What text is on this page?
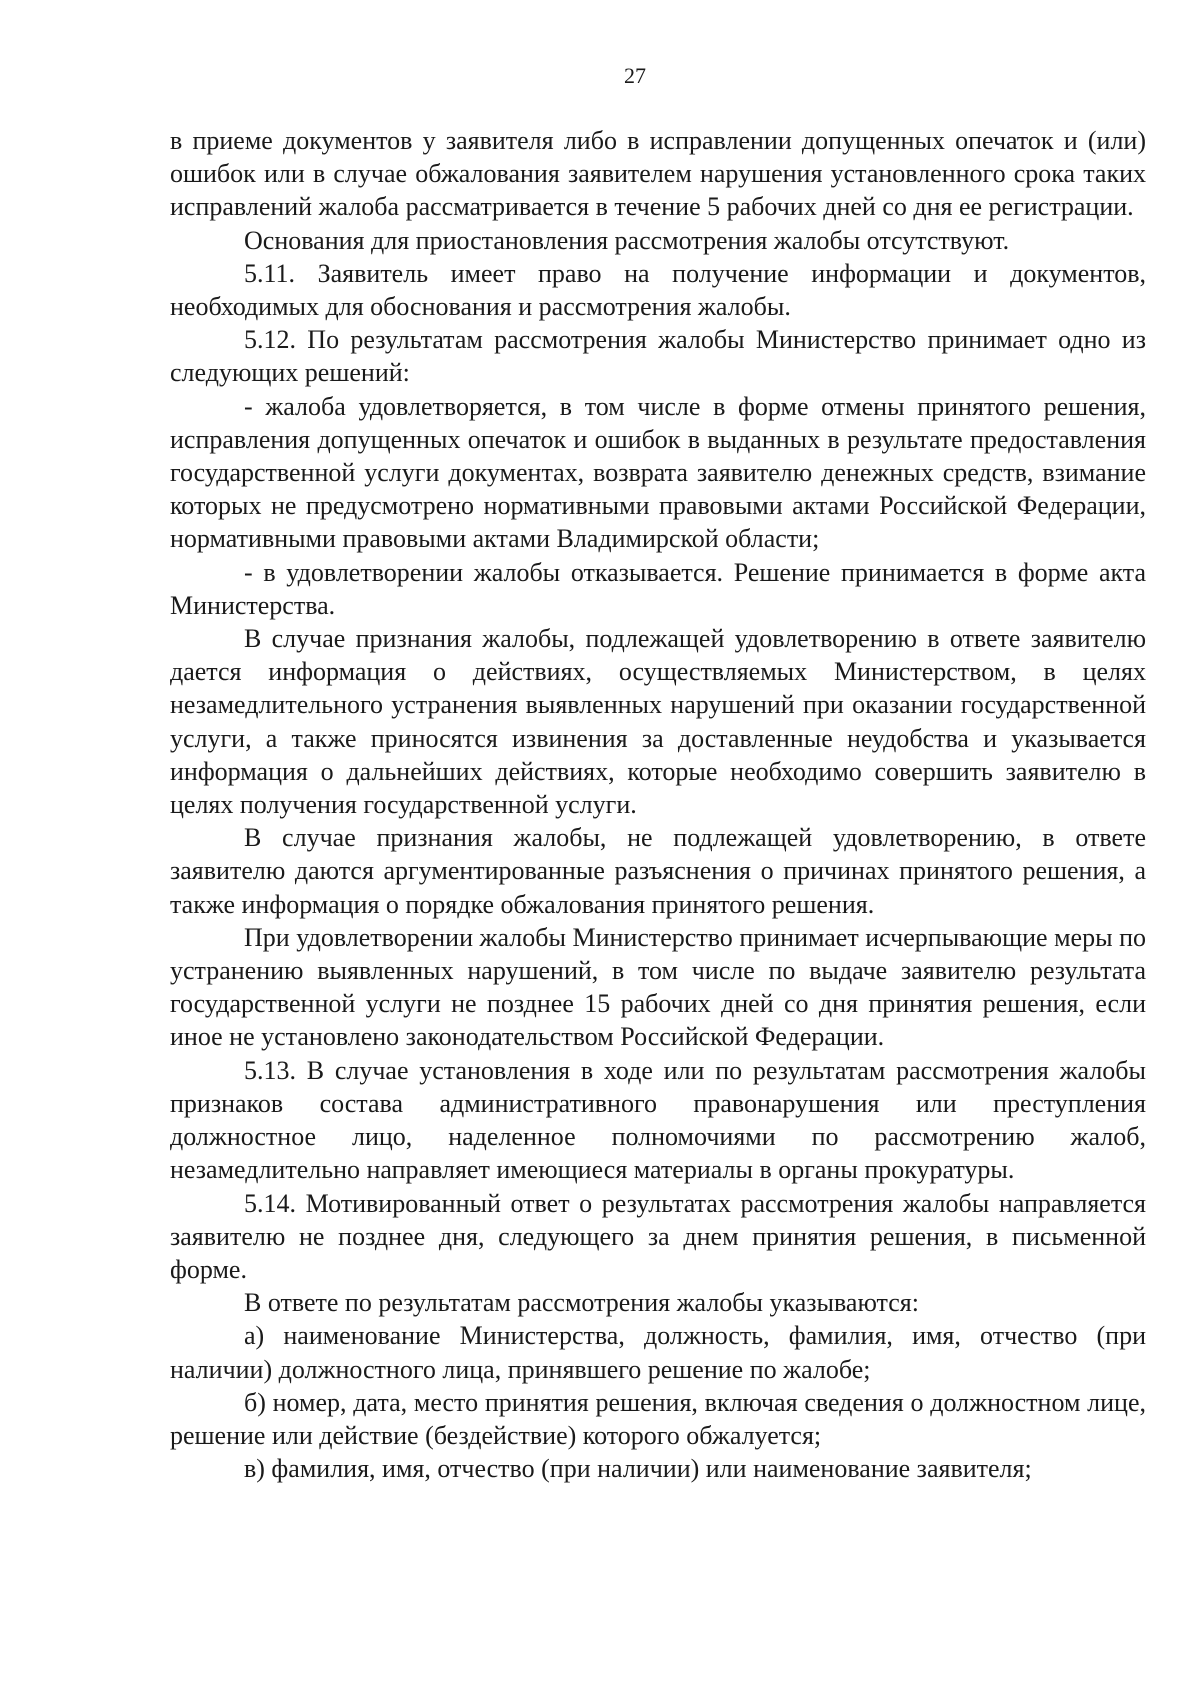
27

в приеме документов у заявителя либо в исправлении допущенных опечаток и (или) ошибок или в случае обжалования заявителем нарушения установленного срока таких исправлений жалоба рассматривается в течение 5 рабочих дней со дня ее регистрации.

Основания для приостановления рассмотрения жалобы отсутствуют.

5.11. Заявитель имеет право на получение информации и документов, необходимых для обоснования и рассмотрения жалобы.

5.12. По результатам рассмотрения жалобы Министерство принимает одно из следующих решений:

- жалоба удовлетворяется, в том числе в форме отмены принятого решения, исправления допущенных опечаток и ошибок в выданных в результате предоставления государственной услуги документах, возврата заявителю денежных средств, взимание которых не предусмотрено нормативными правовыми актами Российской Федерации, нормативными правовыми актами Владимирской области;

- в удовлетворении жалобы отказывается. Решение принимается в форме акта Министерства.

В случае признания жалобы, подлежащей удовлетворению в ответе заявителю дается информация о действиях, осуществляемых Министерством, в целях незамедлительного устранения выявленных нарушений при оказании государственной услуги, а также приносятся извинения за доставленные неудобства и указывается информация о дальнейших действиях, которые необходимо совершить заявителю в целях получения государственной услуги.

В случае признания жалобы, не подлежащей удовлетворению, в ответе заявителю даются аргументированные разъяснения о причинах принятого решения, а также информация о порядке обжалования принятого решения.

При удовлетворении жалобы Министерство принимает исчерпывающие меры по устранению выявленных нарушений, в том числе по выдаче заявителю результата государственной услуги не позднее 15 рабочих дней со дня принятия решения, если иное не установлено законодательством Российской Федерации.

5.13. В случае установления в ходе или по результатам рассмотрения жалобы признаков состава административного правонарушения или преступления должностное лицо, наделенное полномочиями по рассмотрению жалоб, незамедлительно направляет имеющиеся материалы в органы прокуратуры.

5.14. Мотивированный ответ о результатах рассмотрения жалобы направляется заявителю не позднее дня, следующего за днем принятия решения, в письменной форме.

В ответе по результатам рассмотрения жалобы указываются:

а) наименование Министерства, должность, фамилия, имя, отчество (при наличии) должностного лица, принявшего решение по жалобе;

б) номер, дата, место принятия решения, включая сведения о должностном лице, решение или действие (бездействие) которого обжалуется;

в) фамилия, имя, отчество (при наличии) или наименование заявителя;
